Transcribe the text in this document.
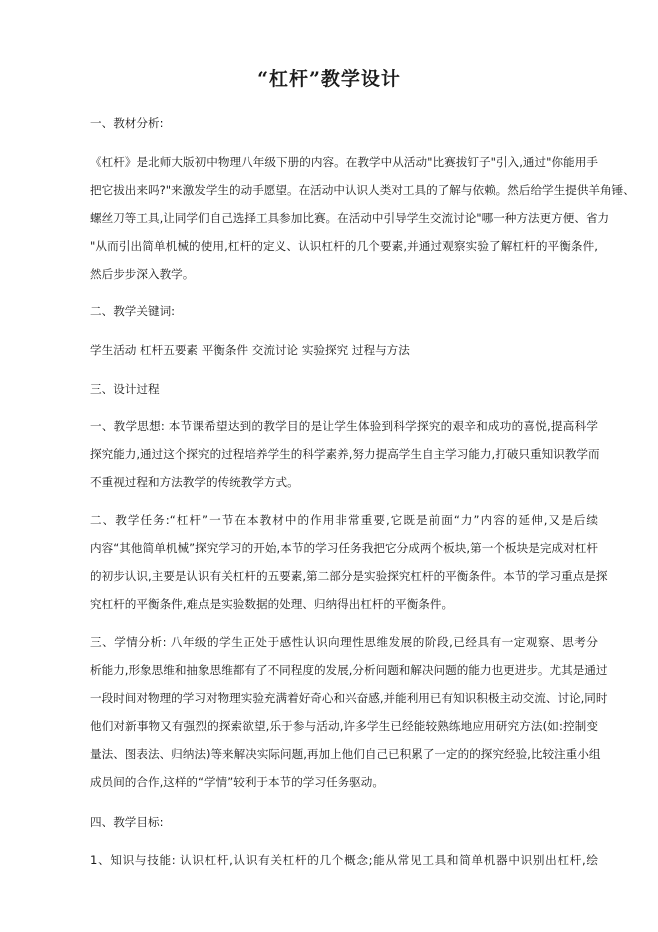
“杠杆”教学设计
一、教材分析:
《杠杆》是北师大版初中物理八年级下册的内容。在教学中从活动"比赛拔钉子"引入,通过"你能用手
把它拔出来吗?"来激发学生的动手愿望。在活动中认识人类对工具的了解与依赖。然后给学生提供羊角锤、
螺丝刀等工具,让同学们自己选择工具参加比赛。在活动中引导学生交流讨论"哪一种方法更方便、省力
"从而引出简单机械的使用,杠杆的定义、认识杠杆的几个要素,并通过观察实验了解杠杆的平衡条件,
然后步步深入教学。
二、教学关键词:
学生活动 杠杆五要素 平衡条件 交流讨论 实验探究 过程与方法
三、设计过程
一、教学思想: 本节课希望达到的教学目的是让学生体验到科学探究的艰辛和成功的喜悦,提高科学
探究能力,通过这个探究的过程培养学生的科学素养,努力提高学生自主学习能力,打破只重知识教学而
不重视过程和方法教学的传统教学方式。
二、教学任务:“杠杆”一节在本教材中的作用非常重要,它既是前面“力”内容的延伸,又是后续
内容“其他简单机械”探究学习的开始,本节的学习任务我把它分成两个板块,第一个板块是完成对杠杆
的初步认识,主要是认识有关杠杆的五要素,第二部分是实验探究杠杆的平衡条件。本节的学习重点是探
究杠杆的平衡条件,难点是实验数据的处理、归纳得出杠杆的平衡条件。
三、学情分析: 八年级的学生正处于感性认识向理性思维发展的阶段,已经具有一定观察、思考分
析能力,形象思维和抽象思维都有了不同程度的发展,分析问题和解决问题的能力也更进步。尤其是通过
一段时间对物理的学习对物理实验充满着好奇心和兴奋感,并能利用已有知识积极主动交流、讨论,同时
他们对新事物又有强烈的探索欲望,乐于参与活动,许多学生已经能较熟练地应用研究方法(如:控制变
量法、图表法、归纳法)等来解决实际问题,再加上他们自己已积累了一定的的探究经验,比较注重小组
成员间的合作,这样的“学情”较利于本节的学习任务驱动。
四、教学目标:
1、知识与技能: 认识杠杆,认识有关杠杆的几个概念;能从常见工具和简单机器中识别出杠杆,绘
